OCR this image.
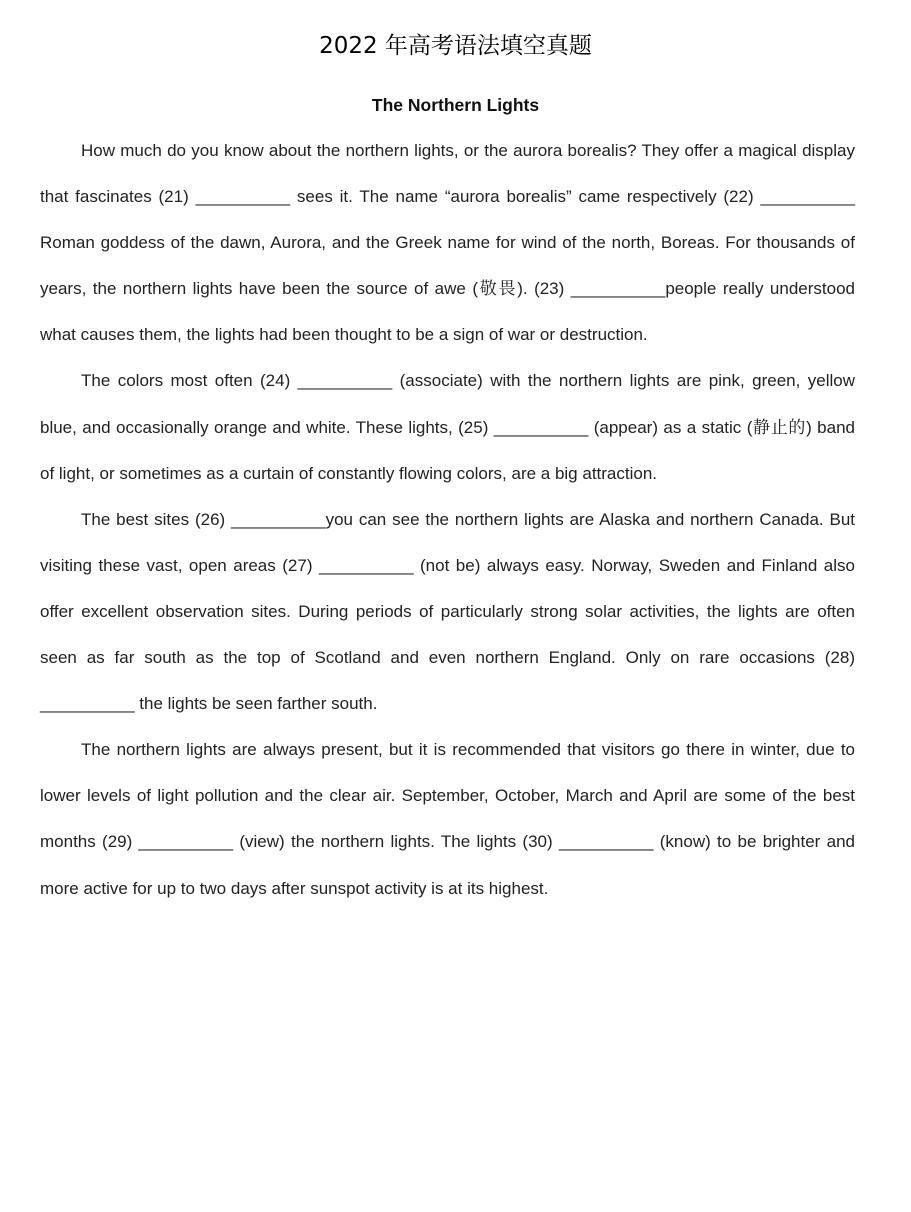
2022 年高考语法填空真题
The Northern Lights

How much do you know about the northern lights, or the aurora borealis? They offer a magical display that fascinates (21) __________ sees it. The name “aurora borealis” came respectively (22) __________ Roman goddess of the dawn, Aurora, and the Greek name for wind of the north, Boreas. For thousands of years, the northern lights have been the source of awe (敬畏). (23) __________people really understood what causes them, the lights had been thought to be a sign of war or destruction.

The colors most often (24) __________ (associate) with the northern lights are pink, green, yellow blue, and occasionally orange and white. These lights, (25) __________ (appear) as a static (静止的) band of light, or sometimes as a curtain of constantly flowing colors, are a big attraction.

The best sites (26) __________you can see the northern lights are Alaska and northern Canada. But visiting these vast, open areas (27) __________ (not be) always easy. Norway, Sweden and Finland also offer excellent observation sites. During periods of particularly strong solar activities, the lights are often seen as far south as the top of Scotland and even northern England. Only on rare occasions (28) __________ the lights be seen farther south.

The northern lights are always present, but it is recommended that visitors go there in winter, due to lower levels of light pollution and the clear air. September, October, March and April are some of the best months (29) __________ (view) the northern lights. The lights (30) __________ (know) to be brighter and more active for up to two days after sunspot activity is at its highest.
